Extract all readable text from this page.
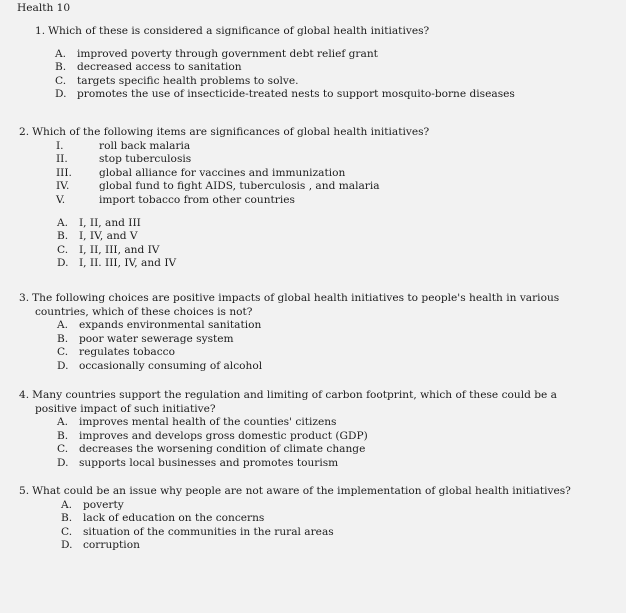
Health 10

1. Which of these is considered a significance of global health initiatives?

A.	improved poverty through government debt relief grant
B.	decreased access to sanitation
C.	targets specific health problems to solve.
D. promotes the use of insecticide-treated nests to support mosquito-borne diseases

2. Which of the following items are significances of global health initiatives?

I.	roll back malaria
II.	stop tuberculosis
III.	global alliance for vaccines and immunization
IV.	global fund to fight AIDS, tuberculosis , and malaria
V.	import tobacco from other countries
A.	I, II, and III
B.	I, IV, and V
C.	I, II, III, and IV
D. I, II. III, IV, and IV

3. The following choices are positive impacts of global health initiatives to people's health in various countries, which of these choices is not?

A.	expands environmental sanitation
B.	poor water sewerage system
C.	regulates tobacco
D. occasionally consuming of alcohol

4. Many countries support the regulation and limiting of carbon footprint, which of these could be a positive impact of such initiative?

A.	improves mental health of the counties' citizens
B.	improves and develops gross domestic product (GDP)
C.	decreases the worsening condition of climate change
D. supports local businesses and promotes tourism

5. What could be an issue why people are not aware of the implementation of global health initiatives?

A.	poverty
B.	lack of education on the concerns
C.	situation of the communities in the rural areas
D. corruption
